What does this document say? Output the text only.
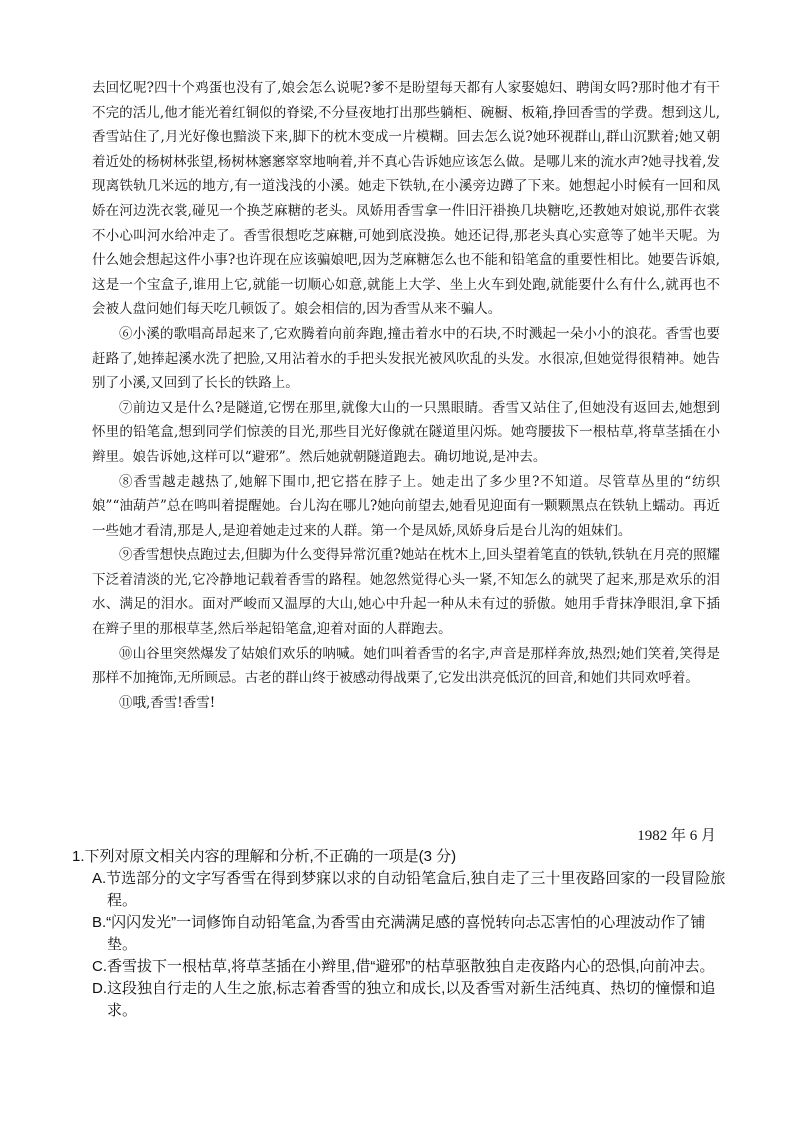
去回忆呢?四十个鸡蛋也没有了,娘会怎么说呢?爹不是盼望每天都有人家娶媳妇、聘闺女吗?那时他才有干不完的活儿,他才能光着红铜似的脊梁,不分昼夜地打出那些躺柜、碗橱、板箱,挣回香雪的学费。想到这儿,香雪站住了,月光好像也黯淡下来,脚下的枕木变成一片模糊。回去怎么说?她环视群山,群山沉默着;她又朝着近处的杨树林张望,杨树林窸窸窣窣地响着,并不真心告诉她应该怎么做。是哪儿来的流水声?她寻找着,发现离铁轨几米远的地方,有一道浅浅的小溪。她走下铁轨,在小溪旁边蹲了下来。她想起小时候有一回和凤娇在河边洗衣裳,碰见一个换芝麻糖的老头。凤娇用香雪拿一件旧汗褂换几块糖吃,还教她对娘说,那件衣裳不小心叫河水给冲走了。香雪很想吃芝麻糖,可她到底没换。她还记得,那老头真心实意等了她半天呢。为什么她会想起这件小事?也许现在应该骗娘吧,因为芝麻糖怎么也不能和铅笔盒的重要性相比。她要告诉娘,这是一个宝盒子,谁用上它,就能一切顺心如意,就能上大学、坐上火车到处跑,就能要什么有什么,就再也不会被人盘问她们每天吃几顿饭了。娘会相信的,因为香雪从来不骗人。

⑥小溪的歌唱高昂起来了,它欢腾着向前奔跑,撞击着水中的石块,不时溅起一朵小小的浪花。香雪也要赶路了,她捧起溪水洗了把脸,又用沾着水的手把头发抿光被风吹乱的头发。水很凉,但她觉得很精神。她告别了小溪,又回到了长长的铁路上。

⑦前边又是什么?是隧道,它愣在那里,就像大山的一只黑眼睛。香雪又站住了,但她没有返回去,她想到怀里的铅笔盒,想到同学们惊羡的目光,那些目光好像就在隧道里闪烁。她弯腰拔下一根枯草,将草茎插在小辫里。娘告诉她,这样可以“避邪”。然后她就朝隧道跑去。确切地说,是冲去。

⑧香雪越走越热了,她解下围巾,把它搭在脖子上。她走出了多少里?不知道。尽管草丛里的“纺织娘”“油葫芦”总在鸣叫着提醒她。台儿沟在哪儿?她向前望去,她看见迎面有一颗颗黑点在铁轨上蠕动。再近一些她才看清,那是人,是迎着她走过来的人群。第一个是凤娇,凤娇身后是台儿沟的姐妹们。

⑨香雪想快点跑过去,但脚为什么变得异常沉重?她站在枕木上,回头望着笔直的铁轨,铁轨在月亮的照耀下泛着清淡的光,它冷静地记载着香雪的路程。她忽然觉得心头一紧,不知怎么的就哭了起来,那是欢乐的泪水、满足的泪水。面对严峻而又温厚的大山,她心中升起一种从未有过的骄傲。她用手背抹净眼泪,拿下插在辫子里的那根草茎,然后举起铅笔盒,迎着对面的人群跑去。

⑩山谷里突然爆发了姑娘们欢乐的呐喊。她们叫着香雪的名字,声音是那样奔放,热烈;她们笑着,笑得是那样不加掩饰,无所顾忌。古老的群山终于被感动得战栗了,它发出洪亮低沉的回音,和她们共同欢呼着。

⑪哦,香雪!香雪!

1982 年 6 月

1.下列对原文相关内容的理解和分析,不正确的一项是(3 分)

A.节选部分的文字写香雪在得到梦寐以求的自动铅笔盒后,独自走了三十里夜路回家的一段冒险旅程。

B.“闪闪发光”一词修饰自动铅笔盒,为香雪由充满满足感的喜悦转向忐忑害怕的心理波动作了铺垫。

C.香雪拔下一根枯草,将草茎插在小辫里,借“避邪”的枯草驱散独自走夜路内心的恐惧,向前冲去。

D.这段独自行走的人生之旅,标志着香雪的独立和成长,以及香雪对新生活纯真、热切的憧憬和追求。
